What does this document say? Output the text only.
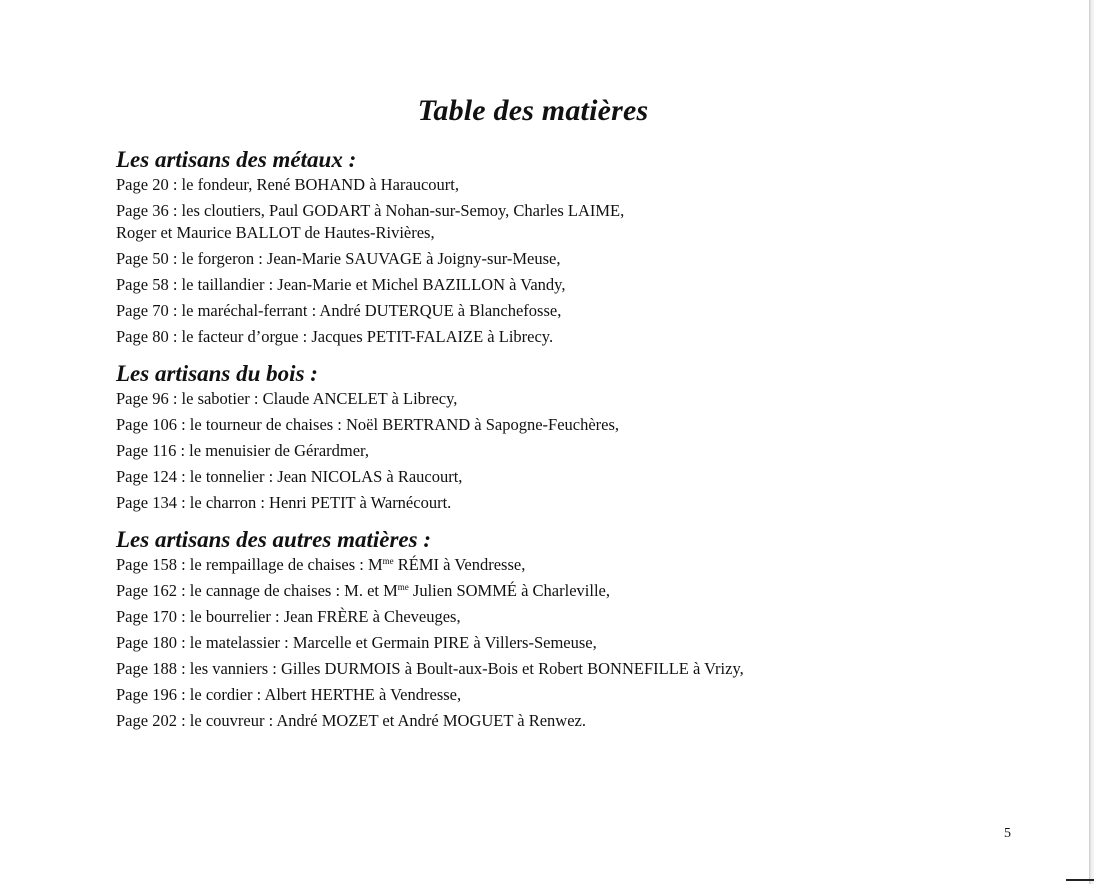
Table des matières
Les artisans des métaux :
Page 20 : le fondeur, René BOHAND à Haraucourt,
Page 36 : les cloutiers, Paul GODART à Nohan-sur-Semoy, Charles LAIME,
Roger et Maurice BALLOT de Hautes-Rivières,
Page 50 : le forgeron : Jean-Marie SAUVAGE à Joigny-sur-Meuse,
Page 58 : le taillandier : Jean-Marie et Michel BAZILLON à Vandy,
Page 70 : le maréchal-ferrant : André DUTERQUE à Blanchefosse,
Page 80 : le facteur d’orgue : Jacques PETIT-FALAIZE à Librecy.
Les artisans du bois :
Page 96 : le sabotier : Claude ANCELET à Librecy,
Page 106 : le tourneur de chaises : Noël BERTRAND à Sapogne-Feuchères,
Page 116 : le menuisier de Gérardmer,
Page 124 : le tonnelier : Jean NICOLAS à Raucourt,
Page 134 : le charron : Henri PETIT à Warnécourt.
Les artisans des autres matières :
Page 158 : le rempaillage de chaises : $M^{me}$ RÉMI à Vendresse,
Page 162 : le cannage de chaises : M. et $M^{me}$ Julien SOMMÉ à Charleville,
Page 170 : le bourrelier : Jean FRÈRE à Cheveuges,
Page 180 : le matelassier : Marcelle et Germain PIRE à Villers-Semeuse,
Page 188 : les vanniers : Gilles DURMOIS à Boult-aux-Bois et Robert BONNEFILLE à Vrizy,
Page 196 : le cordier : Albert HERTHE à Vendresse,
Page 202 : le couvreur : André MOZET et André MOGUET à Renwez.
5
